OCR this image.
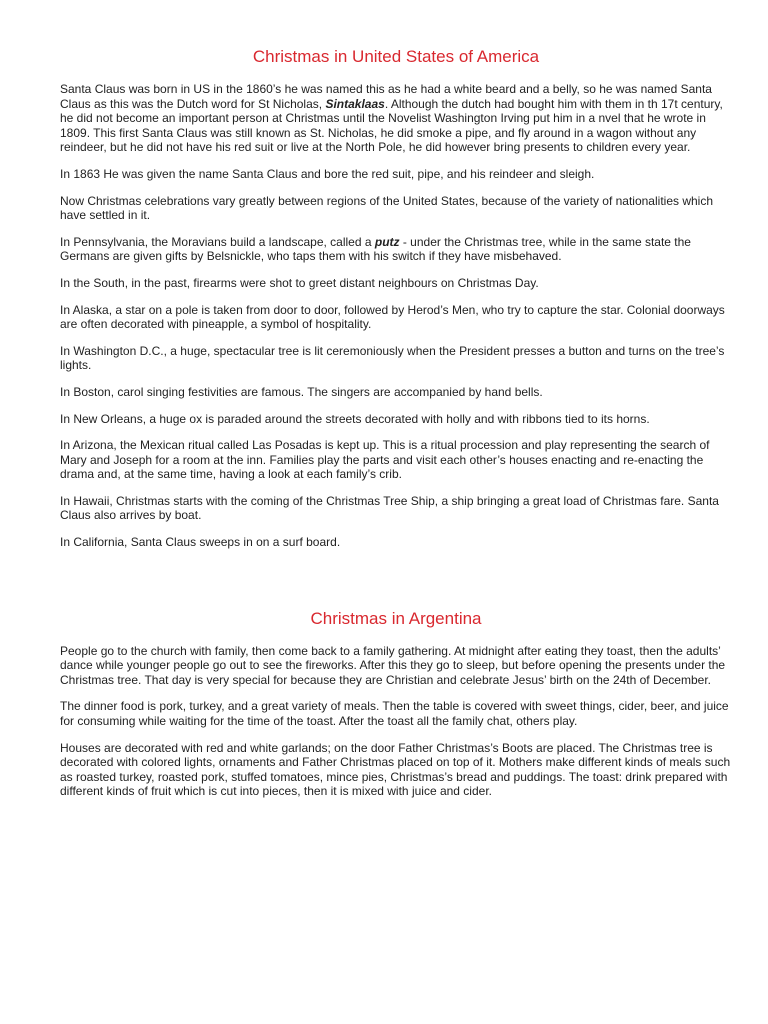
Christmas in United States of America

Santa Claus was born in US in the 1860’s he was named this as he had a white beard and a belly, so he was named Santa Claus as this was the Dutch word for St Nicholas, Sintaklaas. Although the dutch had bought him with them in th 17t century, he did not become an important person at Christmas until the Novelist Washington Irving put him in a nvel that he wrote in 1809. This first Santa Claus was still known as St. Nicholas, he did smoke a pipe, and fly around in a wagon without any reindeer, but he did not have his red suit or live at the North Pole, he did however bring presents to children every year.

In 1863 He was given the name Santa Claus and bore the red suit, pipe, and his reindeer and sleigh.

Now Christmas celebrations vary greatly between regions of the United States, because of the variety of nationalities which have settled in it.

In Pennsylvania, the Moravians build a landscape, called a putz - under the Christmas tree, while in the same state the Germans are given gifts by Belsnickle, who taps them with his switch if they have misbehaved.

In the South, in the past, firearms were shot to greet distant neighbours on Christmas Day.

In Alaska, a star on a pole is taken from door to door, followed by Herod’s Men, who try to capture the star. Colonial doorways are often decorated with pineapple, a symbol of hospitality.

In Washington D.C., a huge, spectacular tree is lit ceremoniously when the President presses a button and turns on the tree’s lights.

In Boston, carol singing festivities are famous. The singers are accompanied by hand bells.

In New Orleans, a huge ox is paraded around the streets decorated with holly and with ribbons tied to its horns.

In Arizona, the Mexican ritual called Las Posadas is kept up. This is a ritual procession and play representing the search of Mary and Joseph for a room at the inn. Families play the parts and visit each other’s houses enacting and re-enacting the drama and, at the same time, having a look at each family’s crib.

In Hawaii, Christmas starts with the coming of the Christmas Tree Ship, a ship bringing a great load of Christmas fare. Santa Claus also arrives by boat.

In California, Santa Claus sweeps in on a surf board.

Christmas in Argentina

People go to the church with family, then come back to a family gathering. At midnight after eating they toast, then the adults’ dance while younger people go out to see the fireworks. After this they go to sleep, but before opening the presents under the Christmas tree. That day is very special for because they are Christian and celebrate Jesus’ birth on the 24th of December.

The dinner food is pork, turkey, and a great variety of meals. Then the table is covered with sweet things, cider, beer, and juice for consuming while waiting for the time of the toast. After the toast all the family chat, others play.

Houses are decorated with red and white garlands; on the door Father Christmas’s Boots are placed. The Christmas tree is decorated with colored lights, ornaments and Father Christmas placed on top of it. Mothers make different kinds of meals such as roasted turkey, roasted pork, stuffed tomatoes, mince pies, Christmas’s bread and puddings. The toast: drink prepared with different kinds of fruit which is cut into pieces, then it is mixed with juice and cider.
